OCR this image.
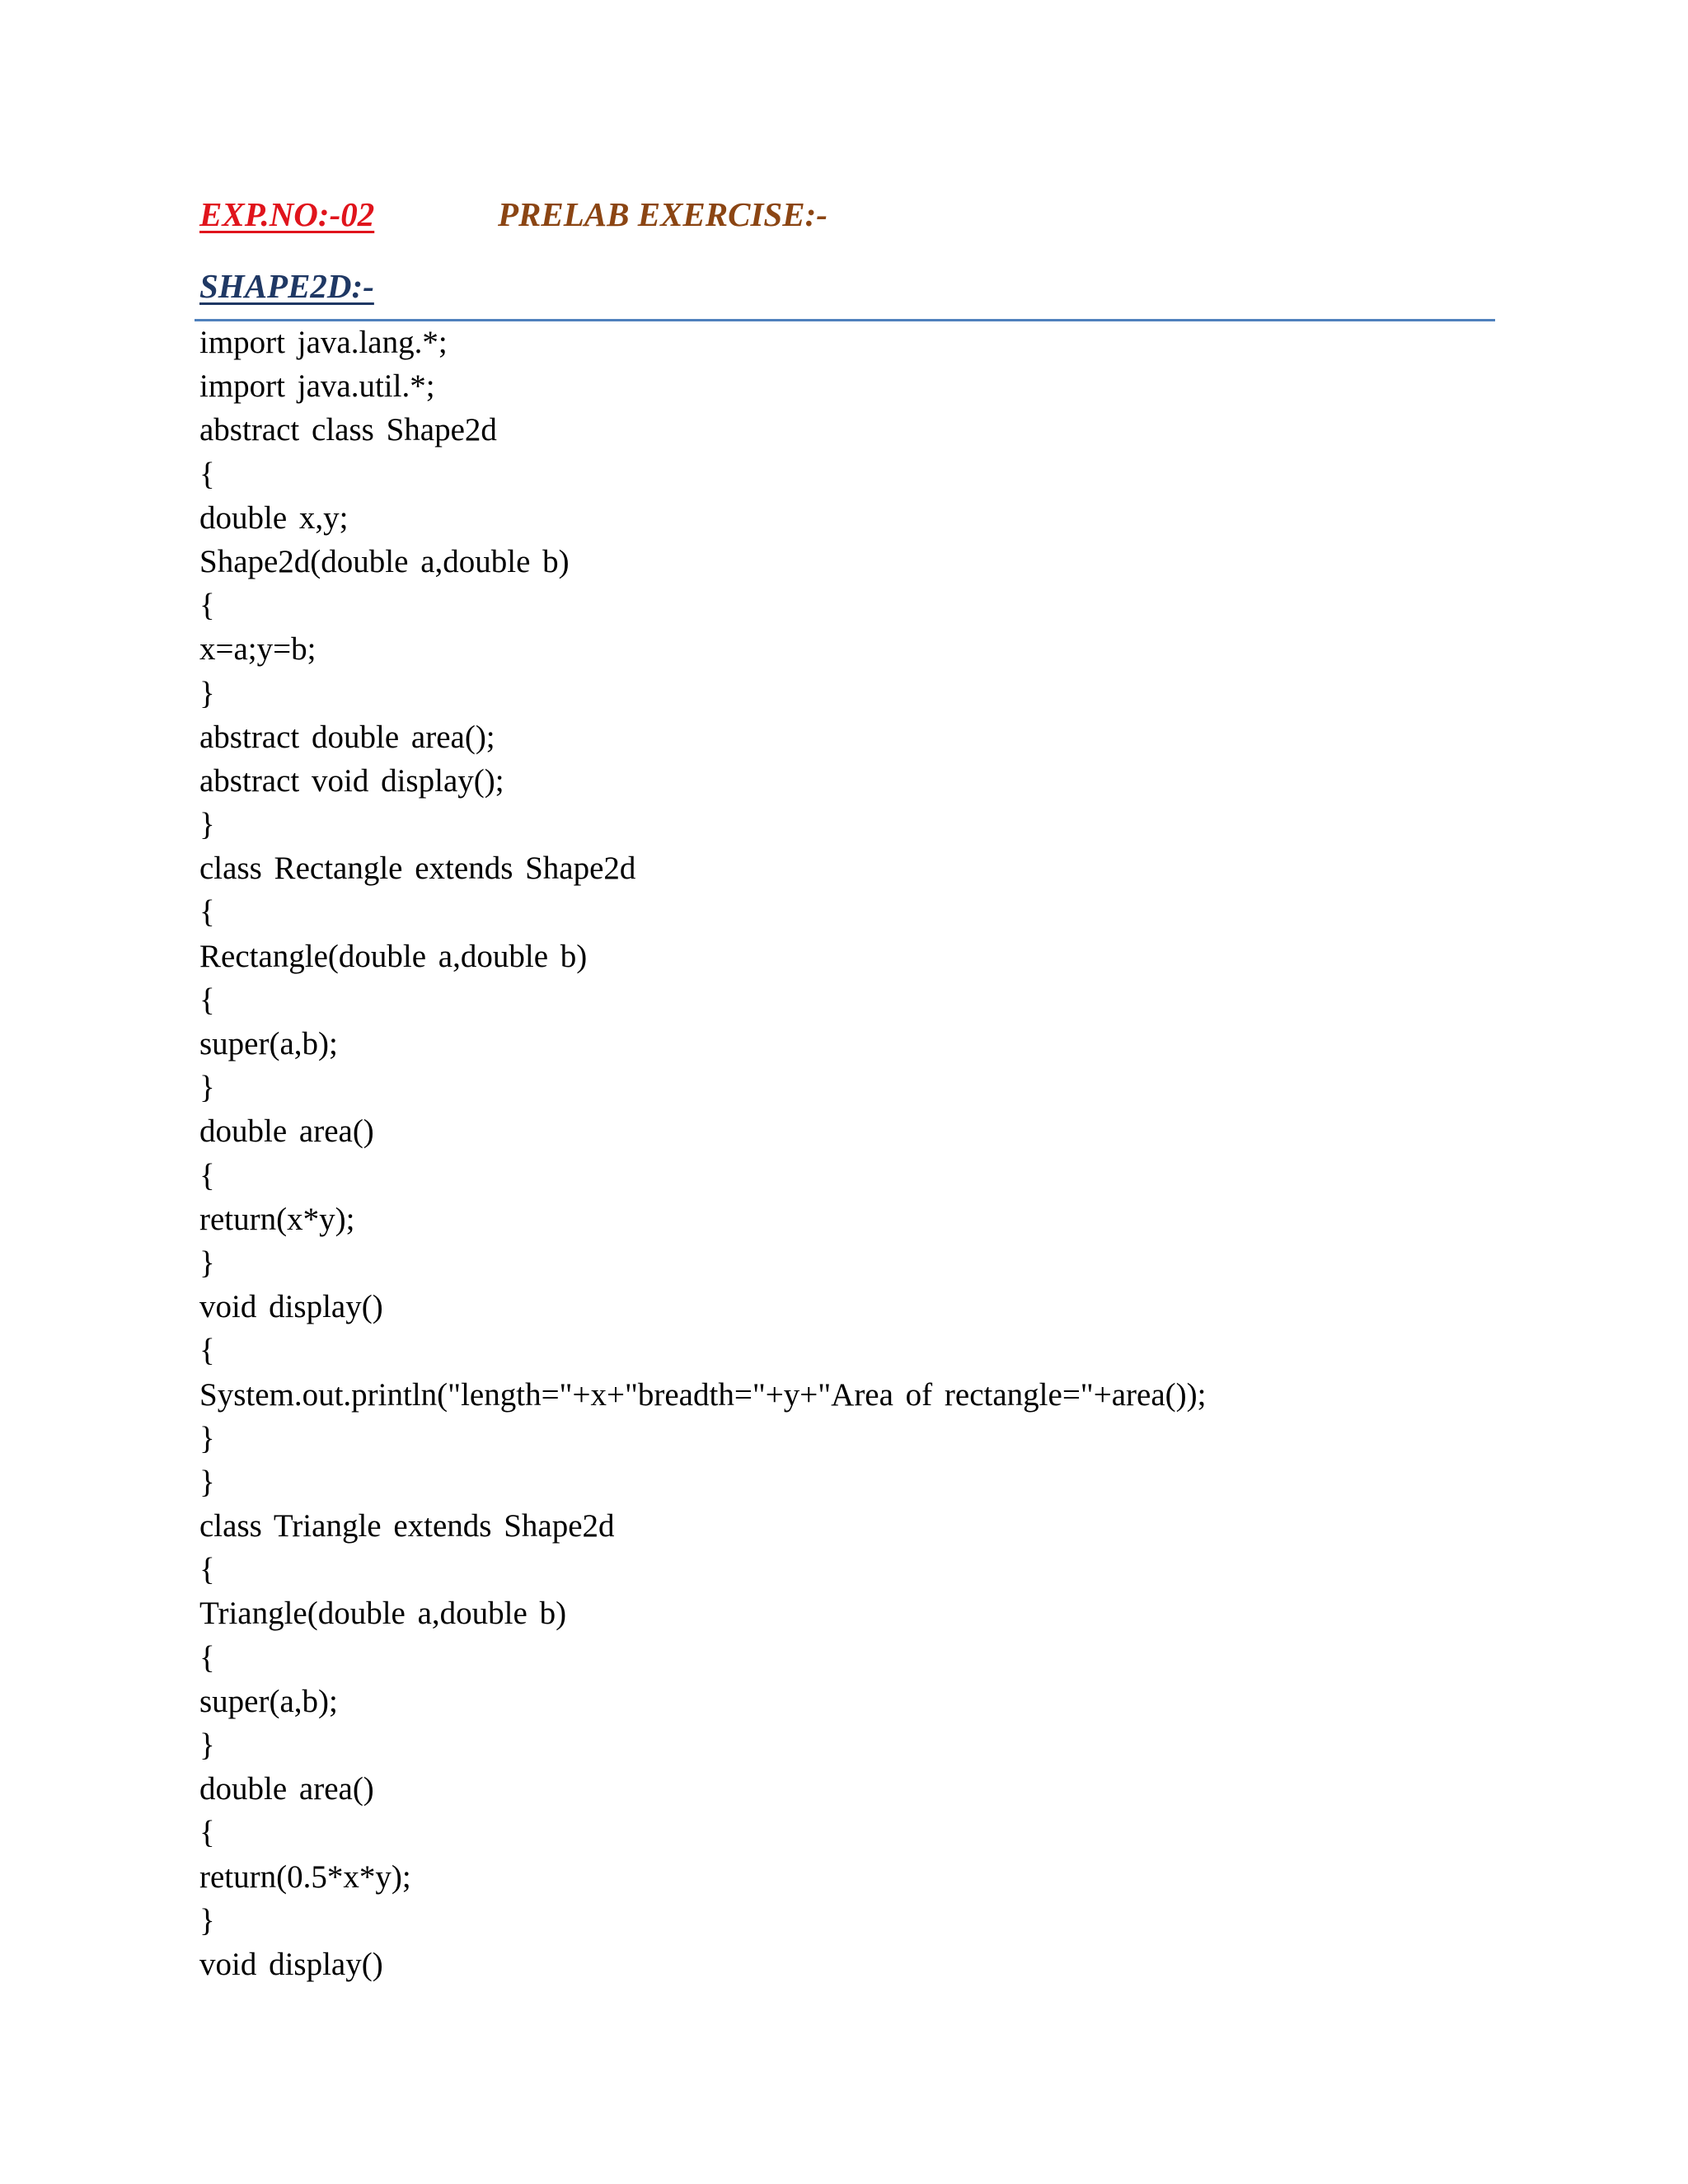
EXP.NO:-02	PRELAB EXERCISE:-
SHAPE2D:-
import java.lang.*;
import java.util.*;
abstract class Shape2d
{
double x,y;
Shape2d(double a,double b)
{
x=a;y=b;
}
abstract double area();
abstract void display();
}
class Rectangle extends Shape2d
{
Rectangle(double a,double b)
{
super(a,b);
}
double area()
{
return(x*y);
}
void display()
{
System.out.println("length="+x+"breadth="+y+"Area of rectangle="+area());
}
}
class Triangle extends Shape2d
{
Triangle(double a,double b)
{
super(a,b);
}
double area()
{
return(0.5*x*y);
}
void display()
